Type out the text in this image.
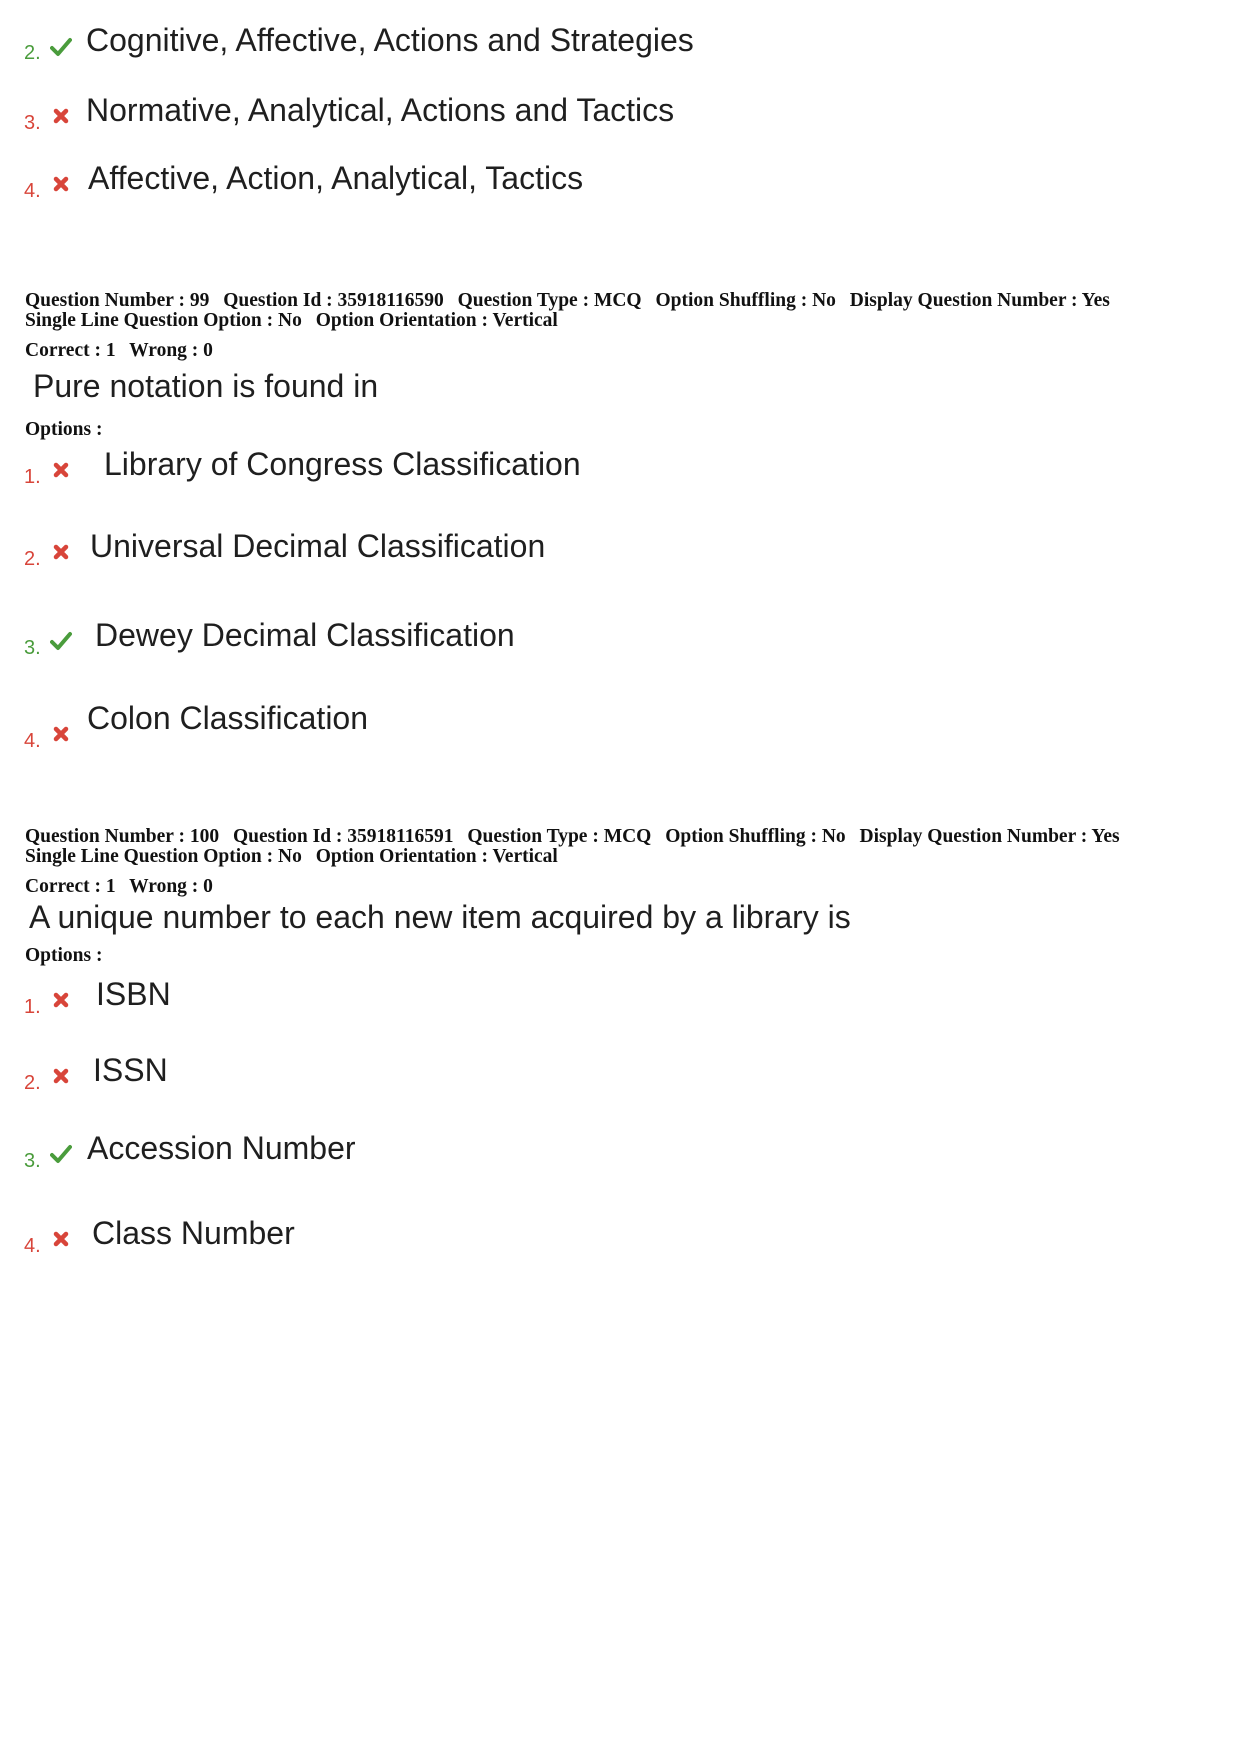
2. Cognitive, Affective, Actions and Strategies
3. Normative, Analytical, Actions and Tactics
4. Affective, Action, Analytical, Tactics
Question Number : 99 Question Id : 35918116590 Question Type : MCQ Option Shuffling : No Display Question Number : Yes
Single Line Question Option : No Option Orientation : Vertical
Correct : 1 Wrong : 0
Pure notation is found in
Options :
1. Library of Congress Classification
2. Universal Decimal Classification
3. Dewey Decimal Classification
4.
Colon Classification
Question Number : 100 Question Id : 35918116591 Question Type : MCQ Option Shuffling : No Display Question Number : Yes
Single Line Question Option : No Option Orientation : Vertical
Correct : 1 Wrong : 0
A unique number to each new item acquired by a library is
Options :
1. ISBN
2. ISSN
3. Accession Number
4. Class Number
